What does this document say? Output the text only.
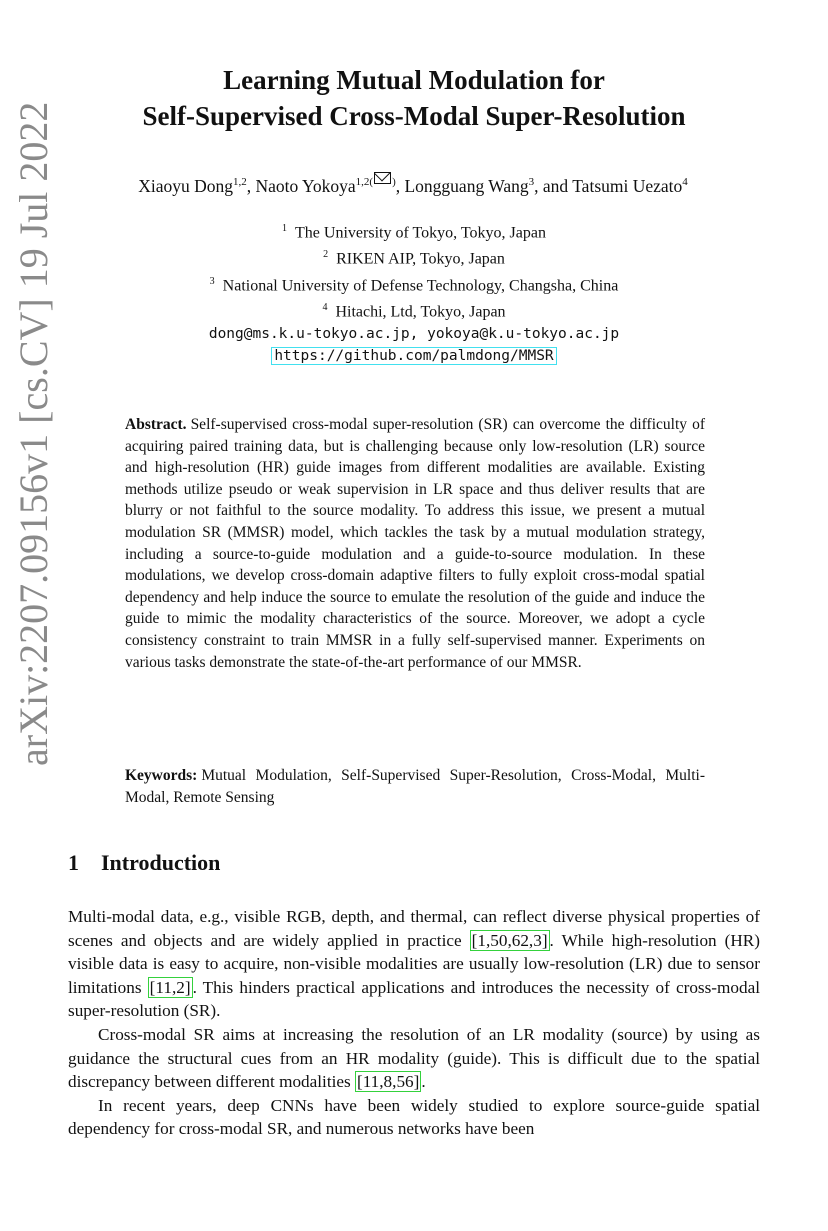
arXiv:2207.09156v1 [cs.CV] 19 Jul 2022
Learning Mutual Modulation for
Self-Supervised Cross-Modal Super-Resolution
Xiaoyu Dong$^{1,2}$, Naoto Yokoya$^{1,2( )}$, Longguang Wang$^3$, and Tatsumi Uezato$^4$
$^1$ The University of Tokyo, Tokyo, Japan
$^2$ RIKEN AIP, Tokyo, Japan
$^3$ National University of Defense Technology, Changsha, China
$^4$ Hitachi, Ltd, Tokyo, Japan
dong@ms.k.u-tokyo.ac.jp, yokoya@k.u-tokyo.ac.jp
https://github.com/palmdong/MMSR
Abstract. Self-supervised cross-modal super-resolution (SR) can overcome the difficulty of acquiring paired training data, but is challenging because only low-resolution (LR) source and high-resolution (HR) guide images from different modalities are available. Existing methods utilize pseudo or weak supervision in LR space and thus deliver results that are blurry or not faithful to the source modality. To address this issue, we present a mutual modulation SR (MMSR) model, which tackles the task by a mutual modulation strategy, including a source-to-guide modulation and a guide-to-source modulation. In these modulations, we develop cross-domain adaptive filters to fully exploit cross-modal spatial dependency and help induce the source to emulate the resolution of the guide and induce the guide to mimic the modality characteristics of the source. Moreover, we adopt a cycle consistency constraint to train MMSR in a fully self-supervised manner. Experiments on various tasks demonstrate the state-of-the-art performance of our MMSR.
Keywords: Mutual Modulation, Self-Supervised Super-Resolution, Cross-Modal, Multi-Modal, Remote Sensing
1 Introduction

Multi-modal data, e.g., visible RGB, depth, and thermal, can reflect diverse physical properties of scenes and objects and are widely applied in practice [1,50,62,3] . While high-resolution (HR) visible data is easy to acquire, non-visible modalities are usually low-resolution (LR) due to sensor limitations [11,2] . This hinders practical applications and introduces the necessity of cross-modal super-resolution (SR).

Cross-modal SR aims at increasing the resolution of an LR modality (source) by using as guidance the structural cues from an HR modality (guide). This is difficult due to the spatial discrepancy between different modalities [11,8,56] .

In recent years, deep CNNs have been widely studied to explore source-guide spatial dependency for cross-modal SR, and numerous networks have been
